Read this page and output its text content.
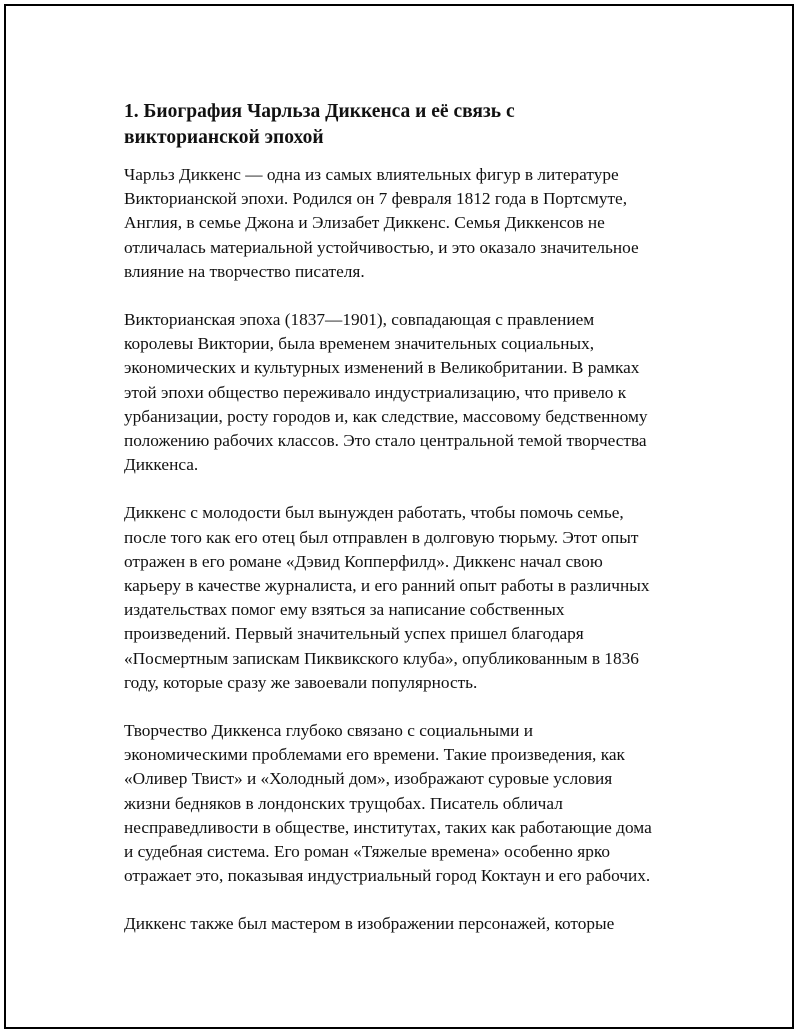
1. Биография Чарльза Диккенса и её связь с
викторианской эпохой

Чарльз Диккенс — одна из самых влиятельных фигур в литературе
Викторианской эпохи. Родился он 7 февраля 1812 года в Портсмуте,
Англия, в семье Джона и Элизабет Диккенс. Семья Диккенсов не
отличалась материальной устойчивостью, и это оказало значительное
влияние на творчество писателя.

Викторианская эпоха (1837—1901), совпадающая с правлением
королевы Виктории, была временем значительных социальных,
экономических и культурных изменений в Великобритании. В рамках
этой эпохи общество переживало индустриализацию, что привело к
урбанизации, росту городов и, как следствие, массовому бедственному
положению рабочих классов. Это стало центральной темой творчества
Диккенса.

Диккенс с молодости был вынужден работать, чтобы помочь семье,
после того как его отец был отправлен в долговую тюрьму. Этот опыт
отражен в его романе «Дэвид Копперфилд». Диккенс начал свою
карьеру в качестве журналиста, и его ранний опыт работы в различных
издательствах помог ему взяться за написание собственных
произведений. Первый значительный успех пришел благодаря
«Посмертным запискам Пиквикского клуба», опубликованным в 1836
году, которые сразу же завоевали популярность.

Творчество Диккенса глубоко связано с социальными и
экономическими проблемами его времени. Такие произведения, как
«Оливер Твист» и «Холодный дом», изображают суровые условия
жизни бедняков в лондонских трущобах. Писатель обличал
несправедливости в обществе, институтах, таких как работающие дома
и судебная система. Его роман «Тяжелые времена» особенно ярко
отражает это, показывая индустриальный город Коктаун и его рабочих.

Диккенс также был мастером в изображении персонажей, которые
